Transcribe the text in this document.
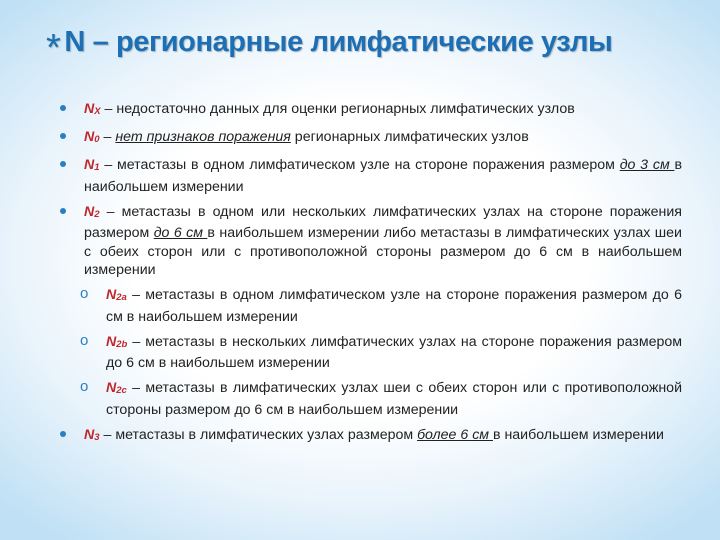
* N – регионарные лимфатические узлы
$N_X$ – недостаточно данных для оценки регионарных лимфатических узлов
$N_0$ – нет признаков поражения регионарных лимфатических узлов
$N_1$ – метастазы в одном лимфатическом узле на стороне поражения размером до 3 см в наибольшем измерении
$N_2$ – метастазы в одном или нескольких лимфатических узлах на стороне поражения размером до 6 см в наибольшем измерении либо метастазы в лимфатических узлах шеи с обеих сторон или с противоположной стороны размером до 6 см в наибольшем измерении
o $N_{2a}$ – метастазы в одном лимфатическом узле на стороне поражения размером до 6 см в наибольшем измерении
o $N_{2b}$ – метастазы в нескольких лимфатических узлах на стороне поражения размером до 6 см в наибольшем измерении
o $N_{2c}$ – метастазы в лимфатических узлах шеи с обеих сторон или с противоположной стороны размером до 6 см в наибольшем измерении
$N_3$ – метастазы в лимфатических узлах размером более 6 см в наибольшем измерении
